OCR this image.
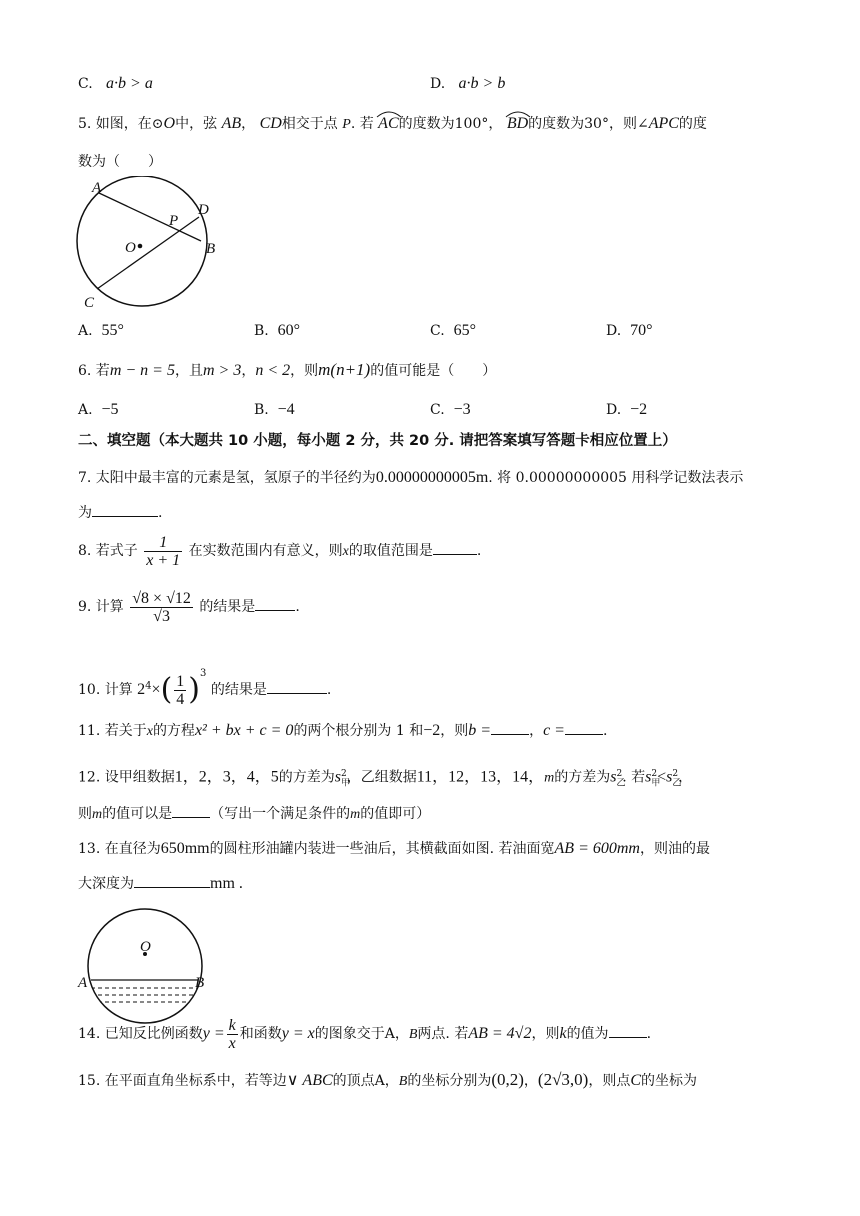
C. a·b > a	D. a·b > b
5. 如图，在⊙O中，弦 AB， CD相交于点 P. 若 AC
的度数为100°， BD
的度数为30°，则∠APC的度
数为（　　）
A
D
P
O	B
C
A. 55°	B. 60°	C. 65°	D. 70°
6. 若m − n = 5，且m > 3，n < 2，则m(n+1)的值可能是（　　）
A. −5	B. −4	C. −3	D. −2
二、填空题（本大题共 10 小题，每小题 2 分，共 20 分. 请把答案填写答题卡相应位置上）
7. 太阳中最丰富的元素是氢，氢原子的半径约为0.00000000005m. 将 0.00000000005 用科学记数法表示
为	.
8. 若式子 $\frac{1}{x + 1}$ 在实数范围内有意义，则x的取值范围是	.
9. 计算 $\frac{√8 \times √12}{√3}$ 的结果是	.
10. 计算 $2^4\times( \frac{1}{4} )^3$ 的结果是	.
11. 若关于x的方程x² + bx + c = 0的两个根分别为 1 和−2，则b =	，c =	.
12. 设甲组数据1，2，3，4，5的方差为$s_甲^2$，乙组数据11，12，13，14，m的方差为$s_乙^2$. 若$s_甲^2<s_乙^2$，
则m的值可以是	（写出一个满足条件的m的值即可）
13. 在直径为650mm的圆柱形油罐内装进一些油后，其横截面如图. 若油面宽AB = 600mm，则油的最
大深度为	mm .
O
A	B
14. 已知反比例函数$y = \frac{k}{x}$ 和函数y = x的图象交于A，B两点. 若AB = 4√2，则k的值为	.
15. 在平面直角坐标系中，若等边∨ ABC的顶点A，B的坐标分别为(0,2)，(2√3,0)，则点C的坐标为
